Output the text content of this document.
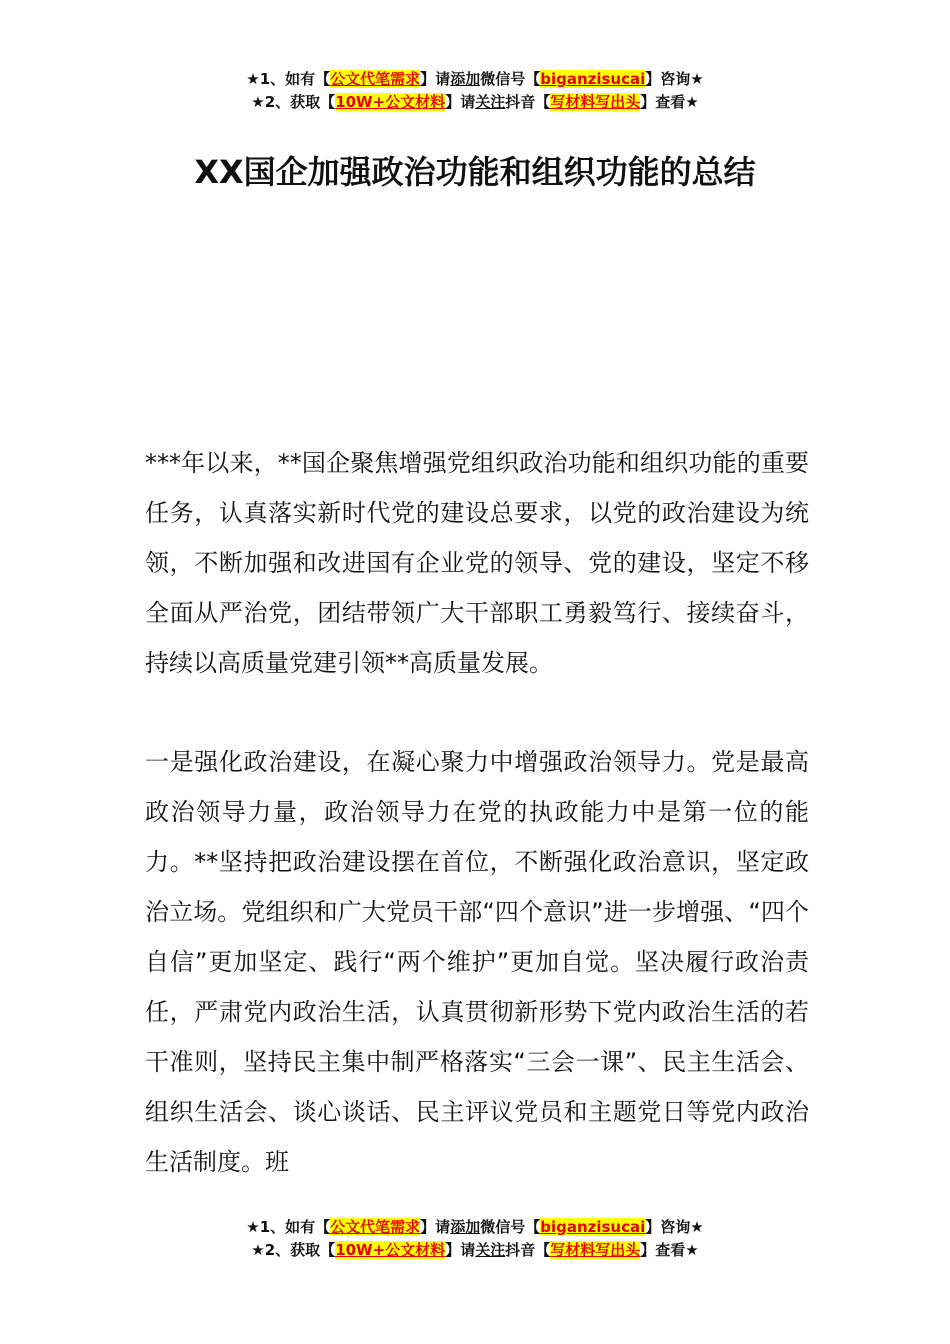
★1、如有【公文代笔需求】请添加微信号【biganzisucai】咨询★
★2、获取【10W+公文材料】请关注抖音【写材料写出头】查看★
XX国企加强政治功能和组织功能的总结

***年以来，**国企聚焦增强党组织政治功能和组织功能的重要任务，认真落实新时代党的建设总要求，以党的政治建设为统领，不断加强和改进国有企业党的领导、党的建设，坚定不移全面从严治党，团结带领广大干部职工勇毅笃行、接续奋斗，持续以高质量党建引领**高质量发展。

一是强化政治建设，在凝心聚力中增强政治领导力。党是最高政治领导力量，政治领导力在党的执政能力中是第一位的能力。**坚持把政治建设摆在首位，不断强化政治意识，坚定政治立场。党组织和广大党员干部“四个意识”进一步增强、“四个自信”更加坚定、践行“两个维护”更加自觉。坚决履行政治责任，严肃党内政治生活，认真贯彻新形势下党内政治生活的若干准则，坚持民主集中制严格落实“三会一课”、民主生活会、组织生活会、谈心谈话、民主评议党员和主题党日等党内政治生活制度。班

★1、如有【公文代笔需求】请添加微信号【biganzisucai】咨询★
★2、获取【10W+公文材料】请关注抖音【写材料写出头】查看★
